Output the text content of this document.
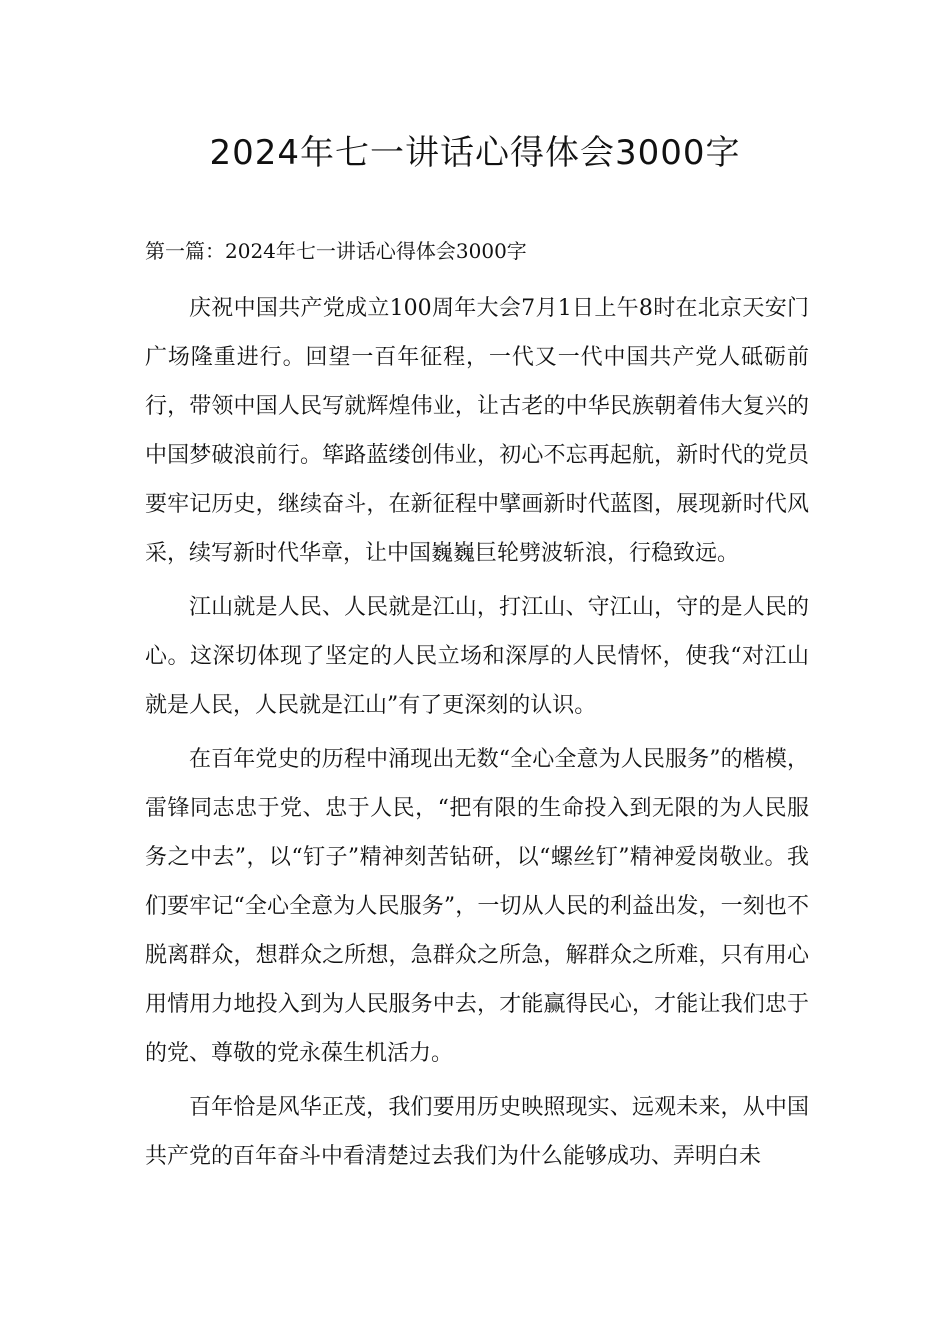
2024年七一讲话心得体会3000字

第一篇：2024年七一讲话心得体会3000字

庆祝中国共产党成立100周年大会7月1日上午8时在北京天安门广场隆重进行。回望一百年征程，一代又一代中国共产党人砥砺前行，带领中国人民写就辉煌伟业，让古老的中华民族朝着伟大复兴的中国梦破浪前行。筚路蓝缕创伟业，初心不忘再起航，新时代的党员要牢记历史，继续奋斗，在新征程中擘画新时代蓝图，展现新时代风采，续写新时代华章，让中国巍巍巨轮劈波斩浪，行稳致远。

江山就是人民、人民就是江山，打江山、守江山，守的是人民的心。这深切体现了坚定的人民立场和深厚的人民情怀，使我“对江山就是人民，人民就是江山”有了更深刻的认识。

在百年党史的历程中涌现出无数“全心全意为人民服务”的楷模，雷锋同志忠于党、忠于人民，“把有限的生命投入到无限的为人民服务之中去”，以“钉子”精神刻苦钻研，以“螺丝钉”精神爱岗敬业。我们要牢记“全心全意为人民服务”，一切从人民的利益出发，一刻也不脱离群众，想群众之所想，急群众之所急，解群众之所难，只有用心用情用力地投入到为人民服务中去，才能赢得民心，才能让我们忠于的党、尊敬的党永葆生机活力。

百年恰是风华正茂，我们要用历史映照现实、远观未来，从中国共产党的百年奋斗中看清楚过去我们为什么能够成功、弄明白未
